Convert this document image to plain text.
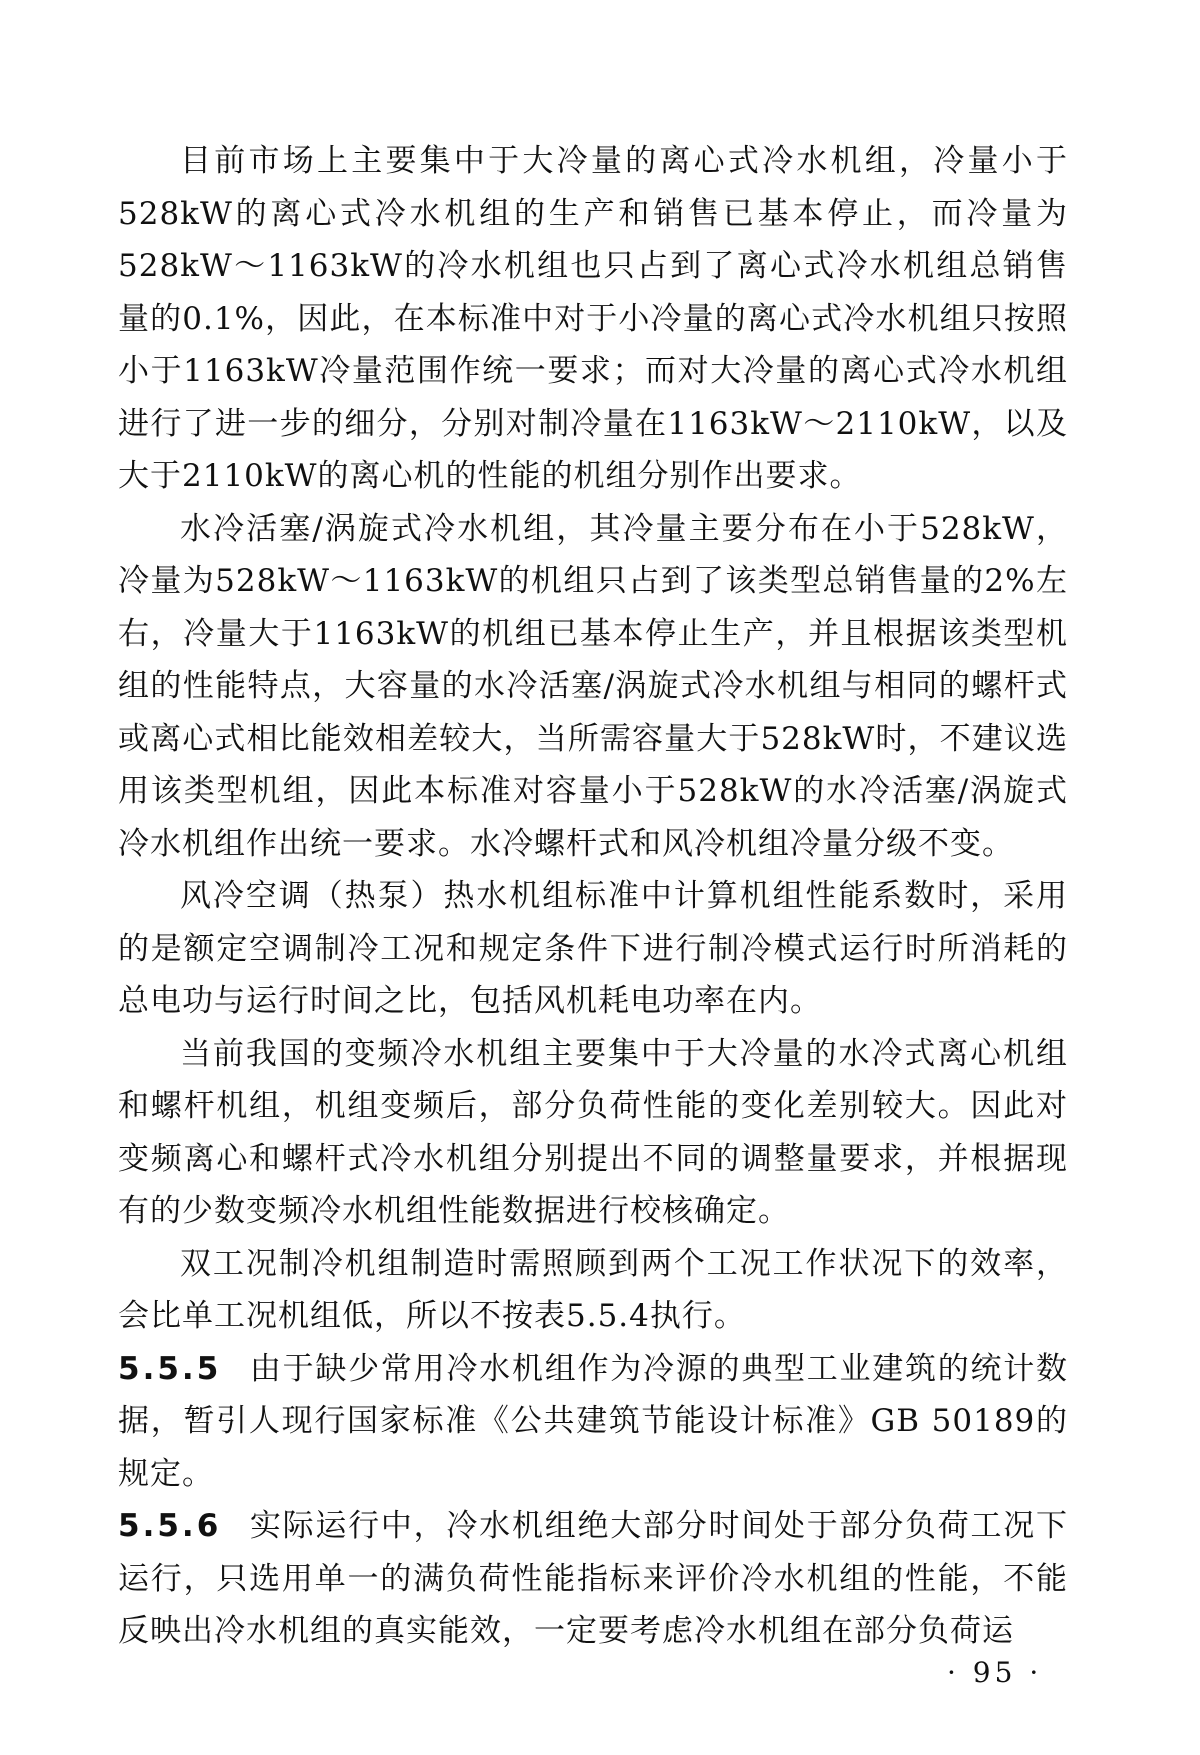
目前市场上主要集中于大冷量的离心式冷水机组，冷量小于528kW的离心式冷水机组的生产和销售已基本停止，而冷量为528kW～1163kW的冷水机组也只占到了离心式冷水机组总销售量的0.1%，因此，在本标准中对于小冷量的离心式冷水机组只按照小于1163kW冷量范围作统一要求；而对大冷量的离心式冷水机组进行了进一步的细分，分别对制冷量在1163kW～2110kW，以及大于2110kW的离心机的性能的机组分别作出要求。

水冷活塞/涡旋式冷水机组，其冷量主要分布在小于528kW，冷量为528kW～1163kW的机组只占到了该类型总销售量的2%左右，冷量大于1163kW的机组已基本停止生产，并且根据该类型机组的性能特点，大容量的水冷活塞/涡旋式冷水机组与相同的螺杆式或离心式相比能效相差较大，当所需容量大于528kW时，不建议选用该类型机组，因此本标准对容量小于528kW的水冷活塞/涡旋式冷水机组作出统一要求。水冷螺杆式和风冷机组冷量分级不变。

风冷空调（热泵）热水机组标准中计算机组性能系数时，采用的是额定空调制冷工况和规定条件下进行制冷模式运行时所消耗的总电功与运行时间之比，包括风机耗电功率在内。

当前我国的变频冷水机组主要集中于大冷量的水冷式离心机组和螺杆机组，机组变频后，部分负荷性能的变化差别较大。因此对变频离心和螺杆式冷水机组分别提出不同的调整量要求，并根据现有的少数变频冷水机组性能数据进行校核确定。

双工况制冷机组制造时需照顾到两个工况工作状况下的效率，会比单工况机组低，所以不按表5.5.4执行。

5.5.5 由于缺少常用冷水机组作为冷源的典型工业建筑的统计数据，暂引人现行国家标准《公共建筑节能设计标准》GB 50189的规定。

5.5.6 实际运行中，冷水机组绝大部分时间处于部分负荷工况下运行，只选用单一的满负荷性能指标来评价冷水机组的性能，不能反映出冷水机组的真实能效，一定要考虑冷水机组在部分负荷运

· 95 ·
